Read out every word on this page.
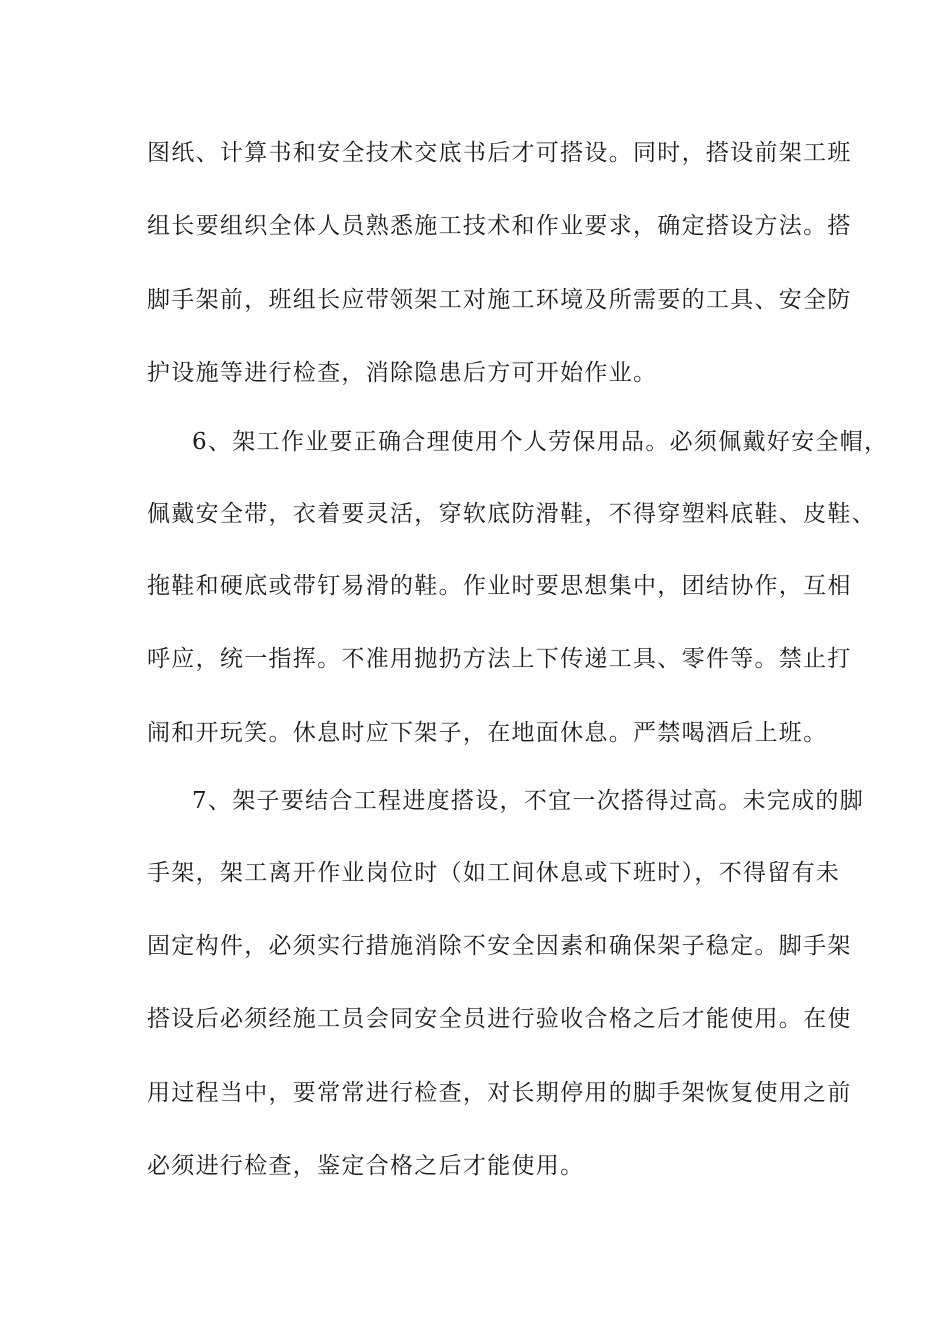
图纸、计算书和安全技术交底书后才可搭设。同时，搭设前架工班
组长要组织全体人员熟悉施工技术和作业要求，确定搭设方法。搭
脚手架前，班组长应带领架工对施工环境及所需要的工具、安全防
护设施等进行检查，消除隐患后方可开始作业。
6、架工作业要正确合理使用个人劳保用品。必须佩戴好安全帽，
佩戴安全带，衣着要灵活，穿软底防滑鞋，不得穿塑料底鞋、皮鞋、
拖鞋和硬底或带钉易滑的鞋。作业时要思想集中，团结协作，互相
呼应，统一指挥。不准用抛扔方法上下传递工具、零件等。禁止打
闹和开玩笑。休息时应下架子，在地面休息。严禁喝酒后上班。
7、架子要结合工程进度搭设，不宜一次搭得过高。未完成的脚
手架，架工离开作业岗位时（如工间休息或下班时），不得留有未
固定构件，必须实行措施消除不安全因素和确保架子稳定。脚手架
搭设后必须经施工员会同安全员进行验收合格之后才能使用。在使
用过程当中，要常常进行检查，对长期停用的脚手架恢复使用之前
必须进行检查，鉴定合格之后才能使用。
